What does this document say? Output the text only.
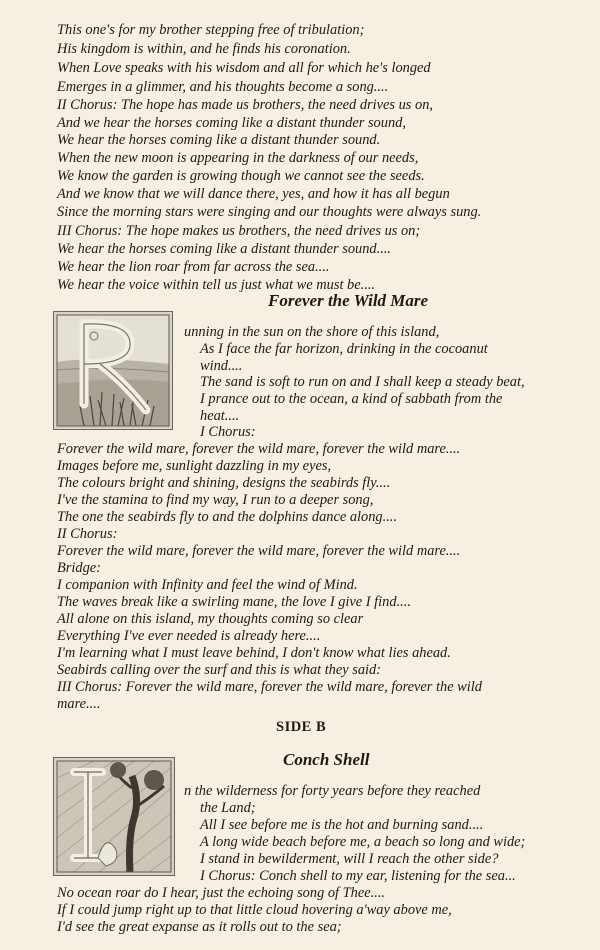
This one's for my brother stepping free of tribulation;
His kingdom is within, and he finds his coronation.
When Love speaks with his wisdom and all for which he's longed
Emerges in a glimmer, and his thoughts become a song....
II Chorus: The hope has made us brothers, the need drives us on,
And we hear the horses coming like a distant thunder sound,
We hear the horses coming like a distant thunder sound.
When the new moon is appearing in the darkness of our needs,
We know the garden is growing though we cannot see the seeds.
And we know that we will dance there, yes, and how it has all begun
Since the morning stars were singing and our thoughts were always sung.
III Chorus: The hope makes us brothers, the need drives us on;
We hear the horses coming like a distant thunder sound....
We hear the lion roar from far across the sea....
We hear the voice within tell us just what we must be....
Forever the Wild Mare
unning in the sun on the shore of this island,
As I face the far horizon, drinking in the cocoanut
wind....
The sand is soft to run on and I shall keep a steady beat,
I prance out to the ocean, a kind of sabbath from the
heat....
I Chorus:
Forever the wild mare, forever the wild mare, forever the wild mare....
Images before me, sunlight dazzling in my eyes,
The colours bright and shining, designs the seabirds fly....
I've the stamina to find my way, I run to a deeper song,
The one the seabirds fly to and the dolphins dance along....
II Chorus:
Forever the wild mare, forever the wild mare, forever the wild mare....
Bridge:
I companion with Infinity and feel the wind of Mind.
The waves break like a swirling mane, the love I give I find....
All alone on this island, my thoughts coming so clear
Everything I've ever needed is already here....
I'm learning what I must leave behind, I don't know what lies ahead.
Seabirds calling over the surf and this is what they said:
III Chorus: Forever the wild mare, forever the wild mare, forever the wild
mare....
SIDE B
Conch Shell
n the wilderness for forty years before they reached
the Land;
All I see before me is the hot and burning sand....
A long wide beach before me, a beach so long and wide;
I stand in bewilderment, will I reach the other side?
I Chorus: Conch shell to my ear, listening for the sea...
No ocean roar do I hear, just the echoing song of Thee....
If I could jump right up to that little cloud hovering a'way above me,
I'd see the great expanse as it rolls out to the sea;
